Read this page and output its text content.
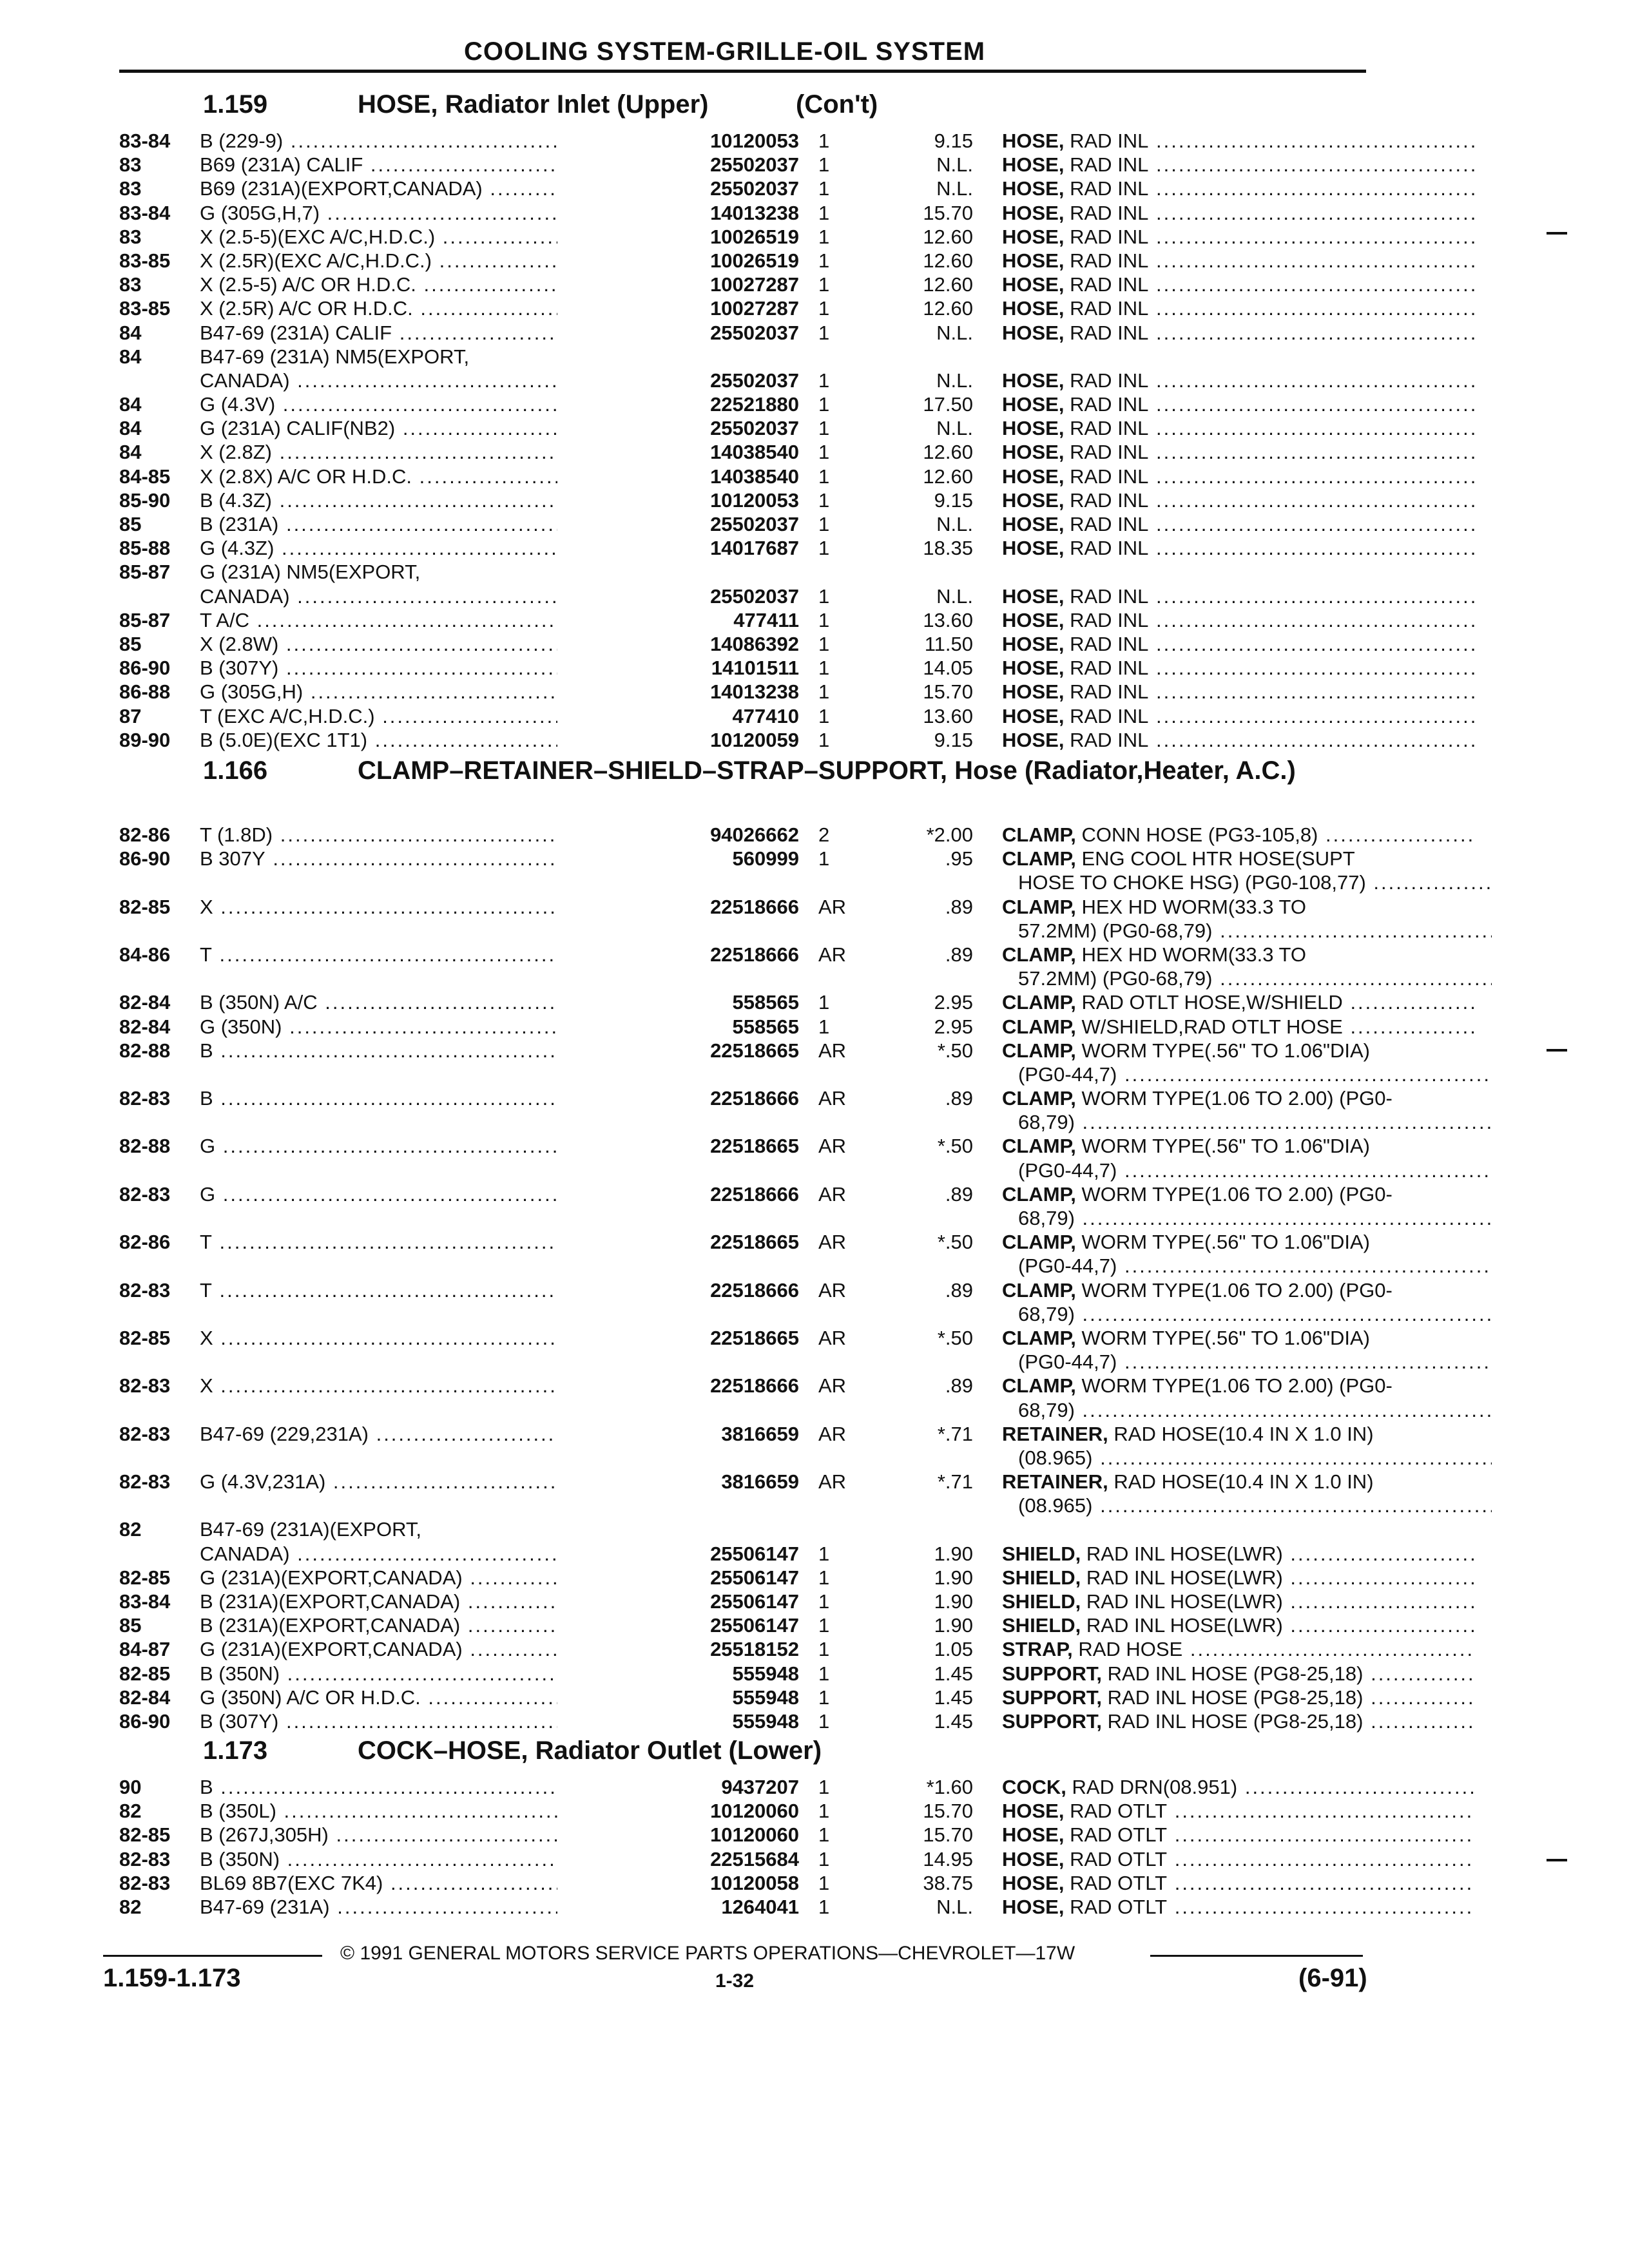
COOLING SYSTEM-GRILLE-OIL SYSTEM
1.159	HOSE, Radiator Inlet (Upper)	(Con't)
83-84 B (229-9) .....	10120053 1	9.15 HOSE, RAD INL .....
83	B69 (231A) CALIF .....	25502037 1	N.L. HOSE, RAD INL .....
83	B69 (231A)(EXPORT,CANADA) .....	25502037 1	N.L. HOSE, RAD INL .....
83-84 G (305G,H,7) .....	14013238 1	15.70 HOSE, RAD INL .....
83	X (2.5-5)(EXC A/C,H.D.C.) .....	10026519 1	12.60 HOSE, RAD INL .....
83-85 X (2.5R)(EXC A/C,H.D.C.) .....	10026519 1	12.60 HOSE, RAD INL .....
83	X (2.5-5) A/C OR H.D.C. .....	10027287 1	12.60 HOSE, RAD INL .....
83-85 X (2.5R) A/C OR H.D.C. .....	10027287 1	12.60 HOSE, RAD INL .....
84	B47-69 (231A) CALIF .....	25502037 1	N.L. HOSE, RAD INL .....
84	B47-69 (231A) NM5(EXPORT,
CANADA) .....	25502037 1	N.L. HOSE, RAD INL .....
84	G (4.3V) .....	22521880 1	17.50 HOSE, RAD INL .....
84	G (231A) CALIF(NB2) .....	25502037 1	N.L. HOSE, RAD INL .....
84	X (2.8Z) .....	14038540 1	12.60 HOSE, RAD INL .....
84-85 X (2.8X) A/C OR H.D.C. .....	14038540 1	12.60 HOSE, RAD INL .....
85-90 B (4.3Z) .....	10120053 1	9.15 HOSE, RAD INL .....
85	B (231A) .....	25502037 1	N.L. HOSE, RAD INL .....
85-88 G (4.3Z) .....	14017687 1	18.35 HOSE, RAD INL .....
85-87 G (231A) NM5(EXPORT,
CANADA) .....	25502037 1	N.L. HOSE, RAD INL .....
85-87 T A/C .....	477411 1	13.60 HOSE, RAD INL .....
85	X (2.8W) .....	14086392 1	11.50 HOSE, RAD INL .....
86-90 B (307Y) .....	14101511 1	14.05 HOSE, RAD INL .....
86-88 G (305G,H) .....	14013238 1	15.70 HOSE, RAD INL .....
87	T (EXC A/C,H.D.C.) .....	477410 1	13.60 HOSE, RAD INL .....
89-90 B (5.0E)(EXC 1T1) .....	10120059 1	9.15 HOSE, RAD INL .....
1.166	CLAMP–RETAINER–SHIELD–STRAP–SUPPORT, Hose (Radiator,Heater, A.C.)
82-86 T (1.8D) .....	94026662 2	*2.00 CLAMP, CONN HOSE (PG3-105,8) .....
86-90 B 307Y .....	560999 1	.95 CLAMP, ENG COOL HTR HOSE(SUPT
HOSE TO CHOKE HSG) (PG0-108,77) .....
82-85 X .....	22518666 AR	.89 CLAMP, HEX HD WORM(33.3 TO
57.2MM) (PG0-68,79) .....
84-86 T .....	22518666 AR	.89 CLAMP, HEX HD WORM(33.3 TO
57.2MM) (PG0-68,79) .....
82-84 B (350N) A/C .....	558565 1	2.95 CLAMP, RAD OTLT HOSE,W/SHIELD .....
82-84 G (350N) .....	558565 1	2.95 CLAMP, W/SHIELD,RAD OTLT HOSE .....
82-88 B .....	22518665 AR	*.50 CLAMP, WORM TYPE(.56" TO 1.06"DIA)
(PG0-44,7) .....
82-83 B .....	22518666 AR	.89 CLAMP, WORM TYPE(1.06 TO 2.00) (PG0-
68,79) .....
82-88 G .....	22518665 AR	*.50 CLAMP, WORM TYPE(.56" TO 1.06"DIA)
(PG0-44,7) .....
82-83 G .....	22518666 AR	.89 CLAMP, WORM TYPE(1.06 TO 2.00) (PG0-
68,79) .....
82-86 T .....	22518665 AR	*.50 CLAMP, WORM TYPE(.56" TO 1.06"DIA)
(PG0-44,7) .....
82-83 T .....	22518666 AR	.89 CLAMP, WORM TYPE(1.06 TO 2.00) (PG0-
68,79) .....
82-85 X .....	22518665 AR	*.50 CLAMP, WORM TYPE(.56" TO 1.06"DIA)
(PG0-44,7) .....
82-83 X .....	22518666 AR	.89 CLAMP, WORM TYPE(1.06 TO 2.00) (PG0-
68,79) .....
82-83 B47-69 (229,231A) .....	3816659 AR	*.71 RETAINER, RAD HOSE(10.4 IN X 1.0 IN)
(08.965) .....
82-83 G (4.3V,231A) .....	3816659 AR	*.71 RETAINER, RAD HOSE(10.4 IN X 1.0 IN)
(08.965) .....
82	B47-69 (231A)(EXPORT,
CANADA) .....	25506147 1	1.90 SHIELD, RAD INL HOSE(LWR) .....
82-85 G (231A)(EXPORT,CANADA) .....	25506147 1	1.90 SHIELD, RAD INL HOSE(LWR) .....
83-84 B (231A)(EXPORT,CANADA) .....	25506147 1	1.90 SHIELD, RAD INL HOSE(LWR) .....
85	B (231A)(EXPORT,CANADA) .....	25506147 1	1.90 SHIELD, RAD INL HOSE(LWR) .....
84-87 G (231A)(EXPORT,CANADA) .....	25518152 1	1.05 STRAP, RAD HOSE .....
82-85 B (350N) .....	555948 1	1.45 SUPPORT, RAD INL HOSE (PG8-25,18) .....
82-84 G (350N) A/C OR H.D.C. .....	555948 1	1.45 SUPPORT, RAD INL HOSE (PG8-25,18) .....
86-90 B (307Y) .....	555948 1	1.45 SUPPORT, RAD INL HOSE (PG8-25,18) .....
1.173	COCK–HOSE, Radiator Outlet (Lower)
90	B .....	9437207 1	*1.60 COCK, RAD DRN(08.951) .....
82	B (350L) .....	10120060 1	15.70 HOSE, RAD OTLT .....
82-85 B (267J,305H) .....	10120060 1	15.70 HOSE, RAD OTLT .....
82-83 B (350N) .....	22515684 1	14.95 HOSE, RAD OTLT .....
82-83 BL69 8B7(EXC 7K4) .....	10120058 1	38.75 HOSE, RAD OTLT .....
82	B47-69 (231A) .....	1264041 1	N.L. HOSE, RAD OTLT .....
© 1991 GENERAL MOTORS SERVICE PARTS OPERATIONS—CHEVROLET—17W
1.159-1.173	1-32	(6-91)
